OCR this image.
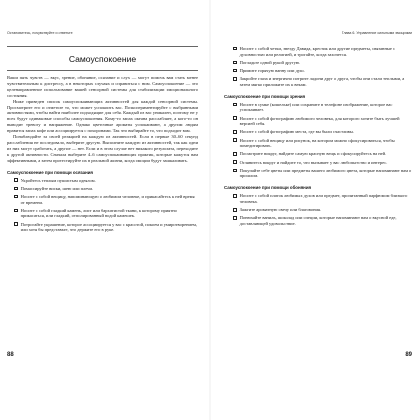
Остановитесь, почувствуйте и ответьте
Самоуспокоение

Ваши пять чувств — вкус, зрение, обоняние, осязание и слух — могут помочь вам стать менее чувствительным к дистрессу, а в некоторых случаях и справиться с ним. Самоуспокоение — это целенаправленное использование вашей сенсорной системы для стабилизации эмоционального состояния.

Ниже приведен список самоуспокаивающих активностей для каждой сенсорной системы. Просмотрите его и отметьте то, что может успокоить вас. Поэкспериментируйте с выбранными активностями, чтобы найти наиболее подходящие для себя. Каждый из вас уникален, поэтому не у всех будут одинаковые способы самоуспокоения. Кому-то запах океана расслабляет, а кого-то он выводит тревогу и напряжение. Однако цветочные ароматы успокаивают, а другим людям нравится запах кофе или ассоциируется с похоронами. Так что выбирайте то, что подходит вам.

Понаблюдайте за своей реакцией на каждую из активностей. Если в первые 30–60 секунд расслабления не последовало, выберите другую. Выполните каждую из активностей, так как одни из них могут сработать, а другие — нет. Если и в этом случае нет никакого результата, переходите к другой активности. Сначала выберите 4–6 самоуспокаивающих практик, которые кажутся вам эффективными, а затем протестируйте их в реальной жизни, когда эмоции будут зашкаливать.

Самоуспокоение при помощи осязания
Укройтесь теплым пушистым одеялом.
Помассируйте виски, шею или плечи.
Носите с собой вещицу, напоминающую о любимом человеке, и прикасайтесь к ней время от времени.
Носите с собой гладкий камень, лист или бархатистой ткани, к которому приятно прикасаться, или гладкий, отполированный водой камешек.
Потрогайте украшение, которое ассоциируется у вас с красотой, покоем и умиротворением, или хотя бы представьте, что держите его в руке.
88
Глава 6. Управление сильными эмоциями
Носите с собой четки, звезду Давида, крестик или другие предметы, связанные с духовностью или религией, и трогайте, когда захочется.
Погладьте одной рукой другую.
Примите горячую ванну или душ.
Закройте глаза и энергично потрите ладони друг о друга, чтобы они стали теплыми, а затем мягко приложите их к векам.
Самоуспокоение при помощи зрения
Носите в сумке (кошельке) или сохраните в телефоне изображение, которое вас успокаивает.
Носите с собой фотографию любимого человека, для которого хотите быть лучшей версией себя.
Носите с собой фотографию места, где вы были счастливы.
Носите с собой вещицу или рисунок, на котором можно сфокусироваться, чтобы помедитировать.
Посмотрите вокруг, найдите самую красную вещь и сфокусируйтесь на ней.
Оглянитесь вокруг и найдите то, что вызывает у вас любопытство и интерес.
Покупайте себе цветы или предметы вашего любимого цвета, которые напоминают вам о прошлом.
Самоуспокоение при помощи обоняния
Носите с собой платок любимых духов или предмет, пропитанный парфюмом близкого человека.
Зажгите ароматную свечу или благовония.
Понюхайте ваниль, шоколад или специи, которые напоминают вам о вкусной еде, доставляющей удовольствие.
89
